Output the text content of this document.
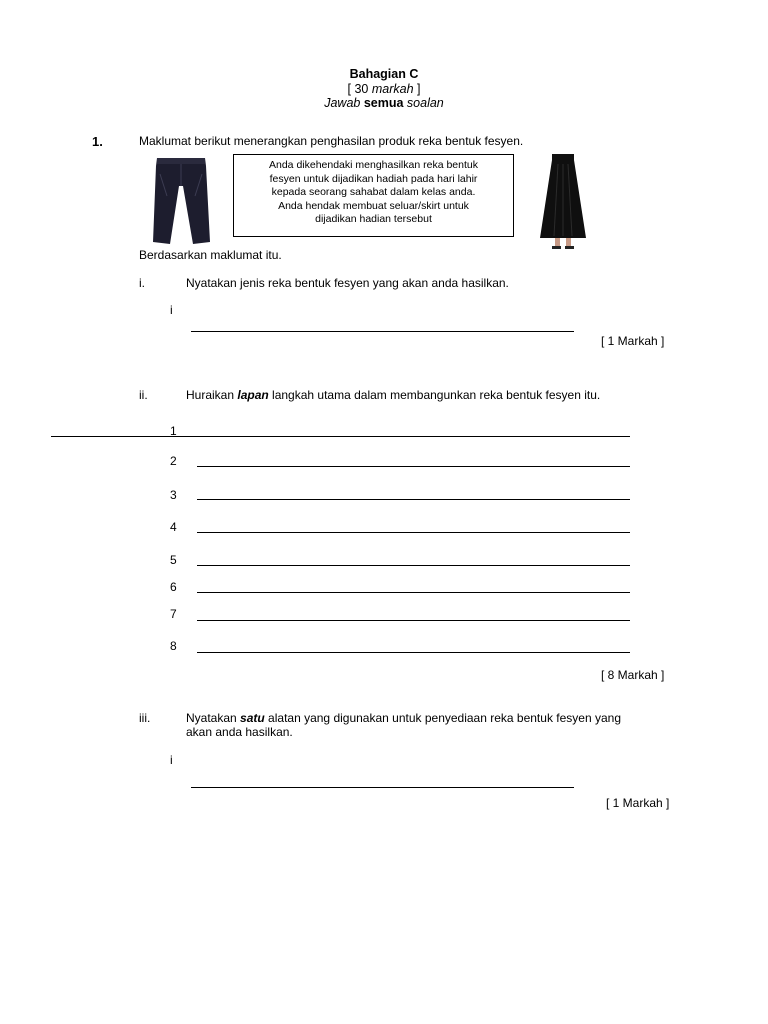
Bahagian C
[ 30 markah ]
Jawab semua soalan
1.	Maklumat berikut menerangkan penghasilan produk reka bentuk fesyen.
Anda dikehendaki menghasilkan reka bentuk
fesyen untuk dijadikan hadiah pada hari lahir
kepada seorang sahabat dalam kelas anda.
Anda hendak membuat seluar/skirt untuk
dijadikan hadian tersebut
Berdasarkan maklumat itu.
i.	Nyatakan jenis reka bentuk fesyen yang akan anda hasilkan.
i
[ 1 Markah ]
ii.	Huraikan lapan langkah utama dalam membangunkan reka bentuk fesyen itu.
1
2
3
4
5
6
7
8
[ 8 Markah ]
iii.	Nyatakan satu alatan yang digunakan untuk penyediaan reka bentuk fesyen yang
akan anda hasilkan.
i
[ 1 Markah ]
